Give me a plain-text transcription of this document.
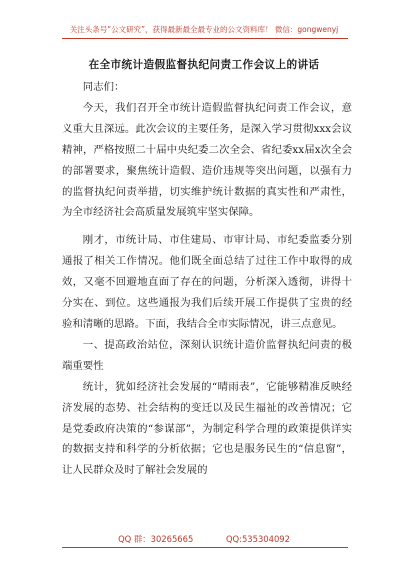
关注头条号“公文研究”，获得最新最全最专业的公文资料库！ 微信：gongwenyj
在全市统计造假监督执纪问责工作会议上的讲话

同志们：

今天，我们召开全市统计造假监督执纪问责工作会议，意义重大且深远。此次会议的主要任务，是深入学习贯彻xxx会议精神，严格按照二十届中央纪委二次全会、省纪委xx届x次全会的部署要求，聚焦统计造假、造价违规等突出问题，以强有力的监督执纪问责举措，切实维护统计数据的真实性和严肃性，为全市经济社会高质量发展筑牢坚实保障。

刚才，市统计局、市住建局、市审计局、市纪委监委分别通报了相关工作情况。他们既全面总结了过往工作中取得的成效，又毫不回避地直面了存在的问题，分析深入透彻，讲得十分实在、到位。这些通报为我们后续开展工作提供了宝贵的经验和清晰的思路。下面，我结合全市实际情况，讲三点意见。

一、提高政治站位，深刻认识统计造价监督执纪问责的极端重要性

统计，犹如经济社会发展的“晴雨表”，它能够精准反映经济发展的态势、社会结构的变迁以及民生福祉的改善情况；它是党委政府决策的“参谋部”，为制定科学合理的政策提供详实的数据支持和科学的分析依据；它也是服务民生的“信息窗”，让人民群众及时了解社会发展的

QQ 群：30265665	QQ:535304092
